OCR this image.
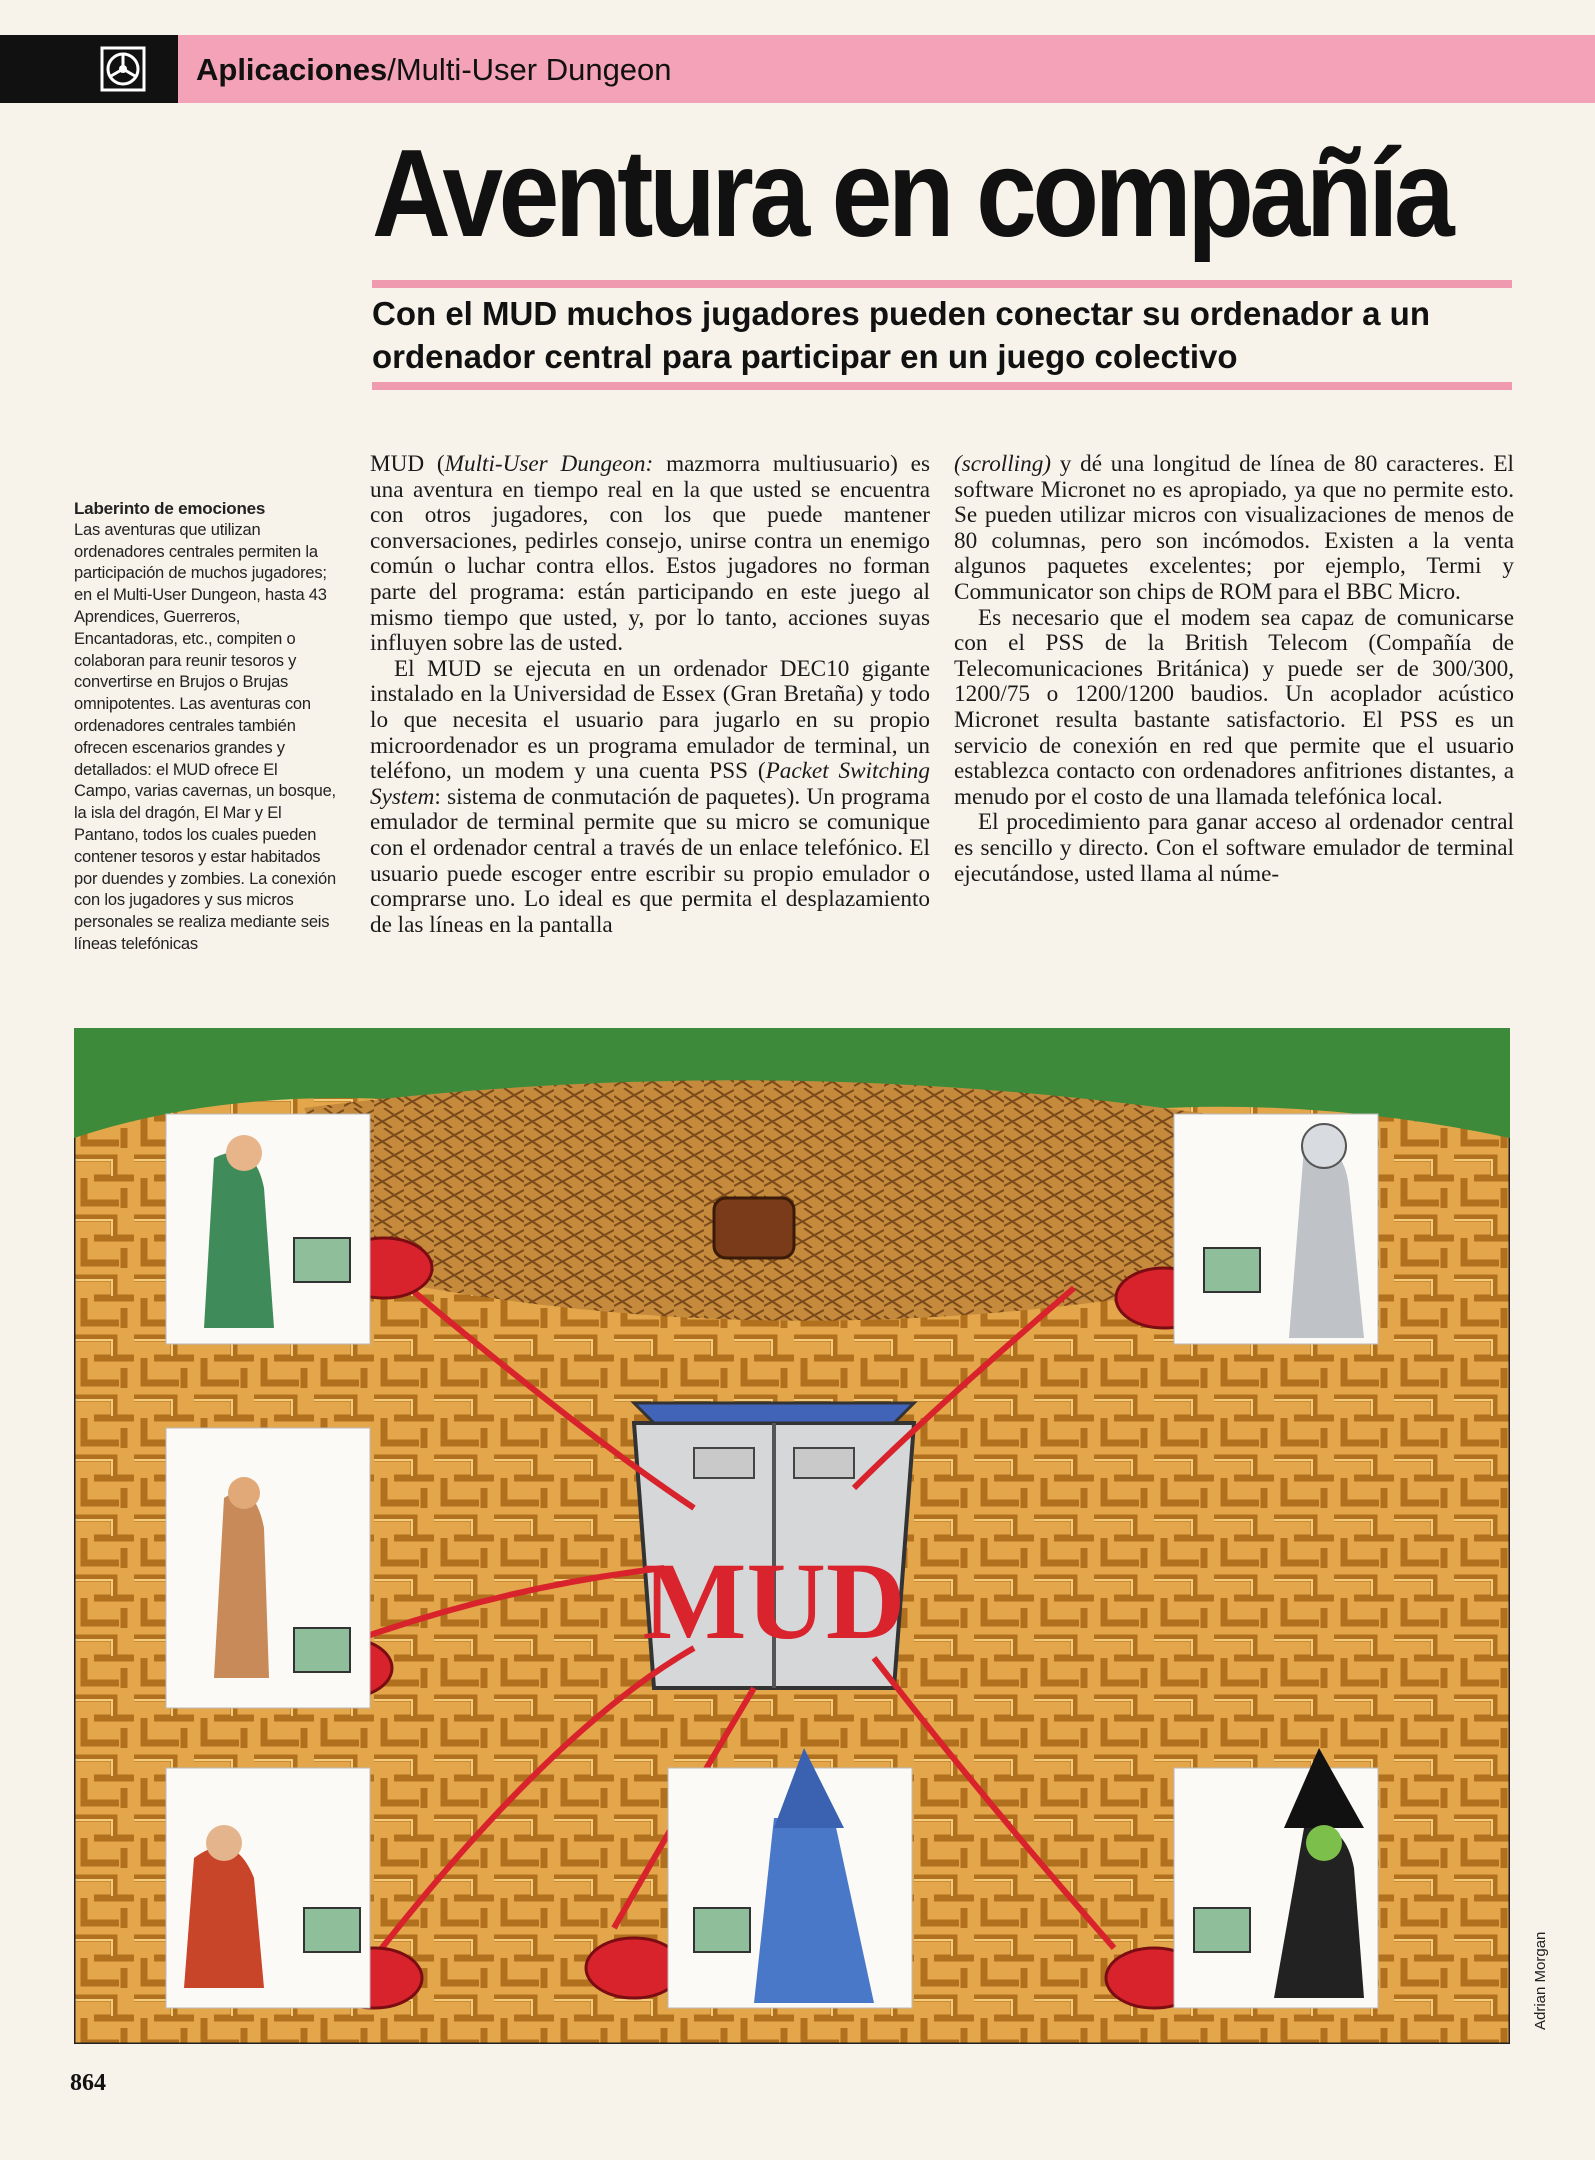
Aplicaciones/Multi-User Dungeon
Aventura en compañía
Con el MUD muchos jugadores pueden conectar su ordenador a un ordenador central para participar en un juego colectivo
Laberinto de emociones
Las aventuras que utilizan ordenadores centrales permiten la participación de muchos jugadores; en el Multi-User Dungeon, hasta 43 Aprendices, Guerreros, Encantadoras, etc., compiten o colaboran para reunir tesoros y convertirse en Brujos o Brujas omnipotentes. Las aventuras con ordenadores centrales también ofrecen escenarios grandes y detallados: el MUD ofrece El Campo, varias cavernas, un bosque, la isla del dragón, El Mar y El Pantano, todos los cuales pueden contener tesoros y estar habitados por duendes y zombies. La conexión con los jugadores y sus micros personales se realiza mediante seis líneas telefónicas

MUD (Multi-User Dungeon: mazmorra multiusuario) es una aventura en tiempo real en la que usted se encuentra con otros jugadores, con los que puede mantener conversaciones, pedirles consejo, unirse contra un enemigo común o luchar contra ellos. Estos jugadores no forman parte del programa: están participando en este juego al mismo tiempo que usted, y, por lo tanto, acciones suyas influyen sobre las de usted.

El MUD se ejecuta en un ordenador DEC10 gigante instalado en la Universidad de Essex (Gran Bretaña) y todo lo que necesita el usuario para jugarlo en su propio microordenador es un programa emulador de terminal, un teléfono, un modem y una cuenta PSS (Packet Switching System: sistema de conmutación de paquetes). Un programa emulador de terminal permite que su micro se comunique con el ordenador central a través de un enlace telefónico. El usuario puede escoger entre escribir su propio emulador o comprarse uno. Lo ideal es que permita el desplazamiento de las líneas en la pantalla

(scrolling) y dé una longitud de línea de 80 caracteres. El software Micronet no es apropiado, ya que no permite esto. Se pueden utilizar micros con visualizaciones de menos de 80 columnas, pero son incómodos. Existen a la venta algunos paquetes excelentes; por ejemplo, Termi y Communicator son chips de ROM para el BBC Micro.

Es necesario que el modem sea capaz de comunicarse con el PSS de la British Telecom (Compañía de Telecomunicaciones Británica) y puede ser de 300/300, 1200/75 o 1200/1200 baudios. Un acoplador acústico Micronet resulta bastante satisfactorio. El PSS es un servicio de conexión en red que permite que el usuario establezca contacto con ordenadores anfitriones distantes, a menudo por el costo de una llamada telefónica local.

El procedimiento para ganar acceso al ordenador central es sencillo y directo. Con el software emulador de terminal ejecutándose, usted llama al núme-

MUD
Adrian Morgan
864
